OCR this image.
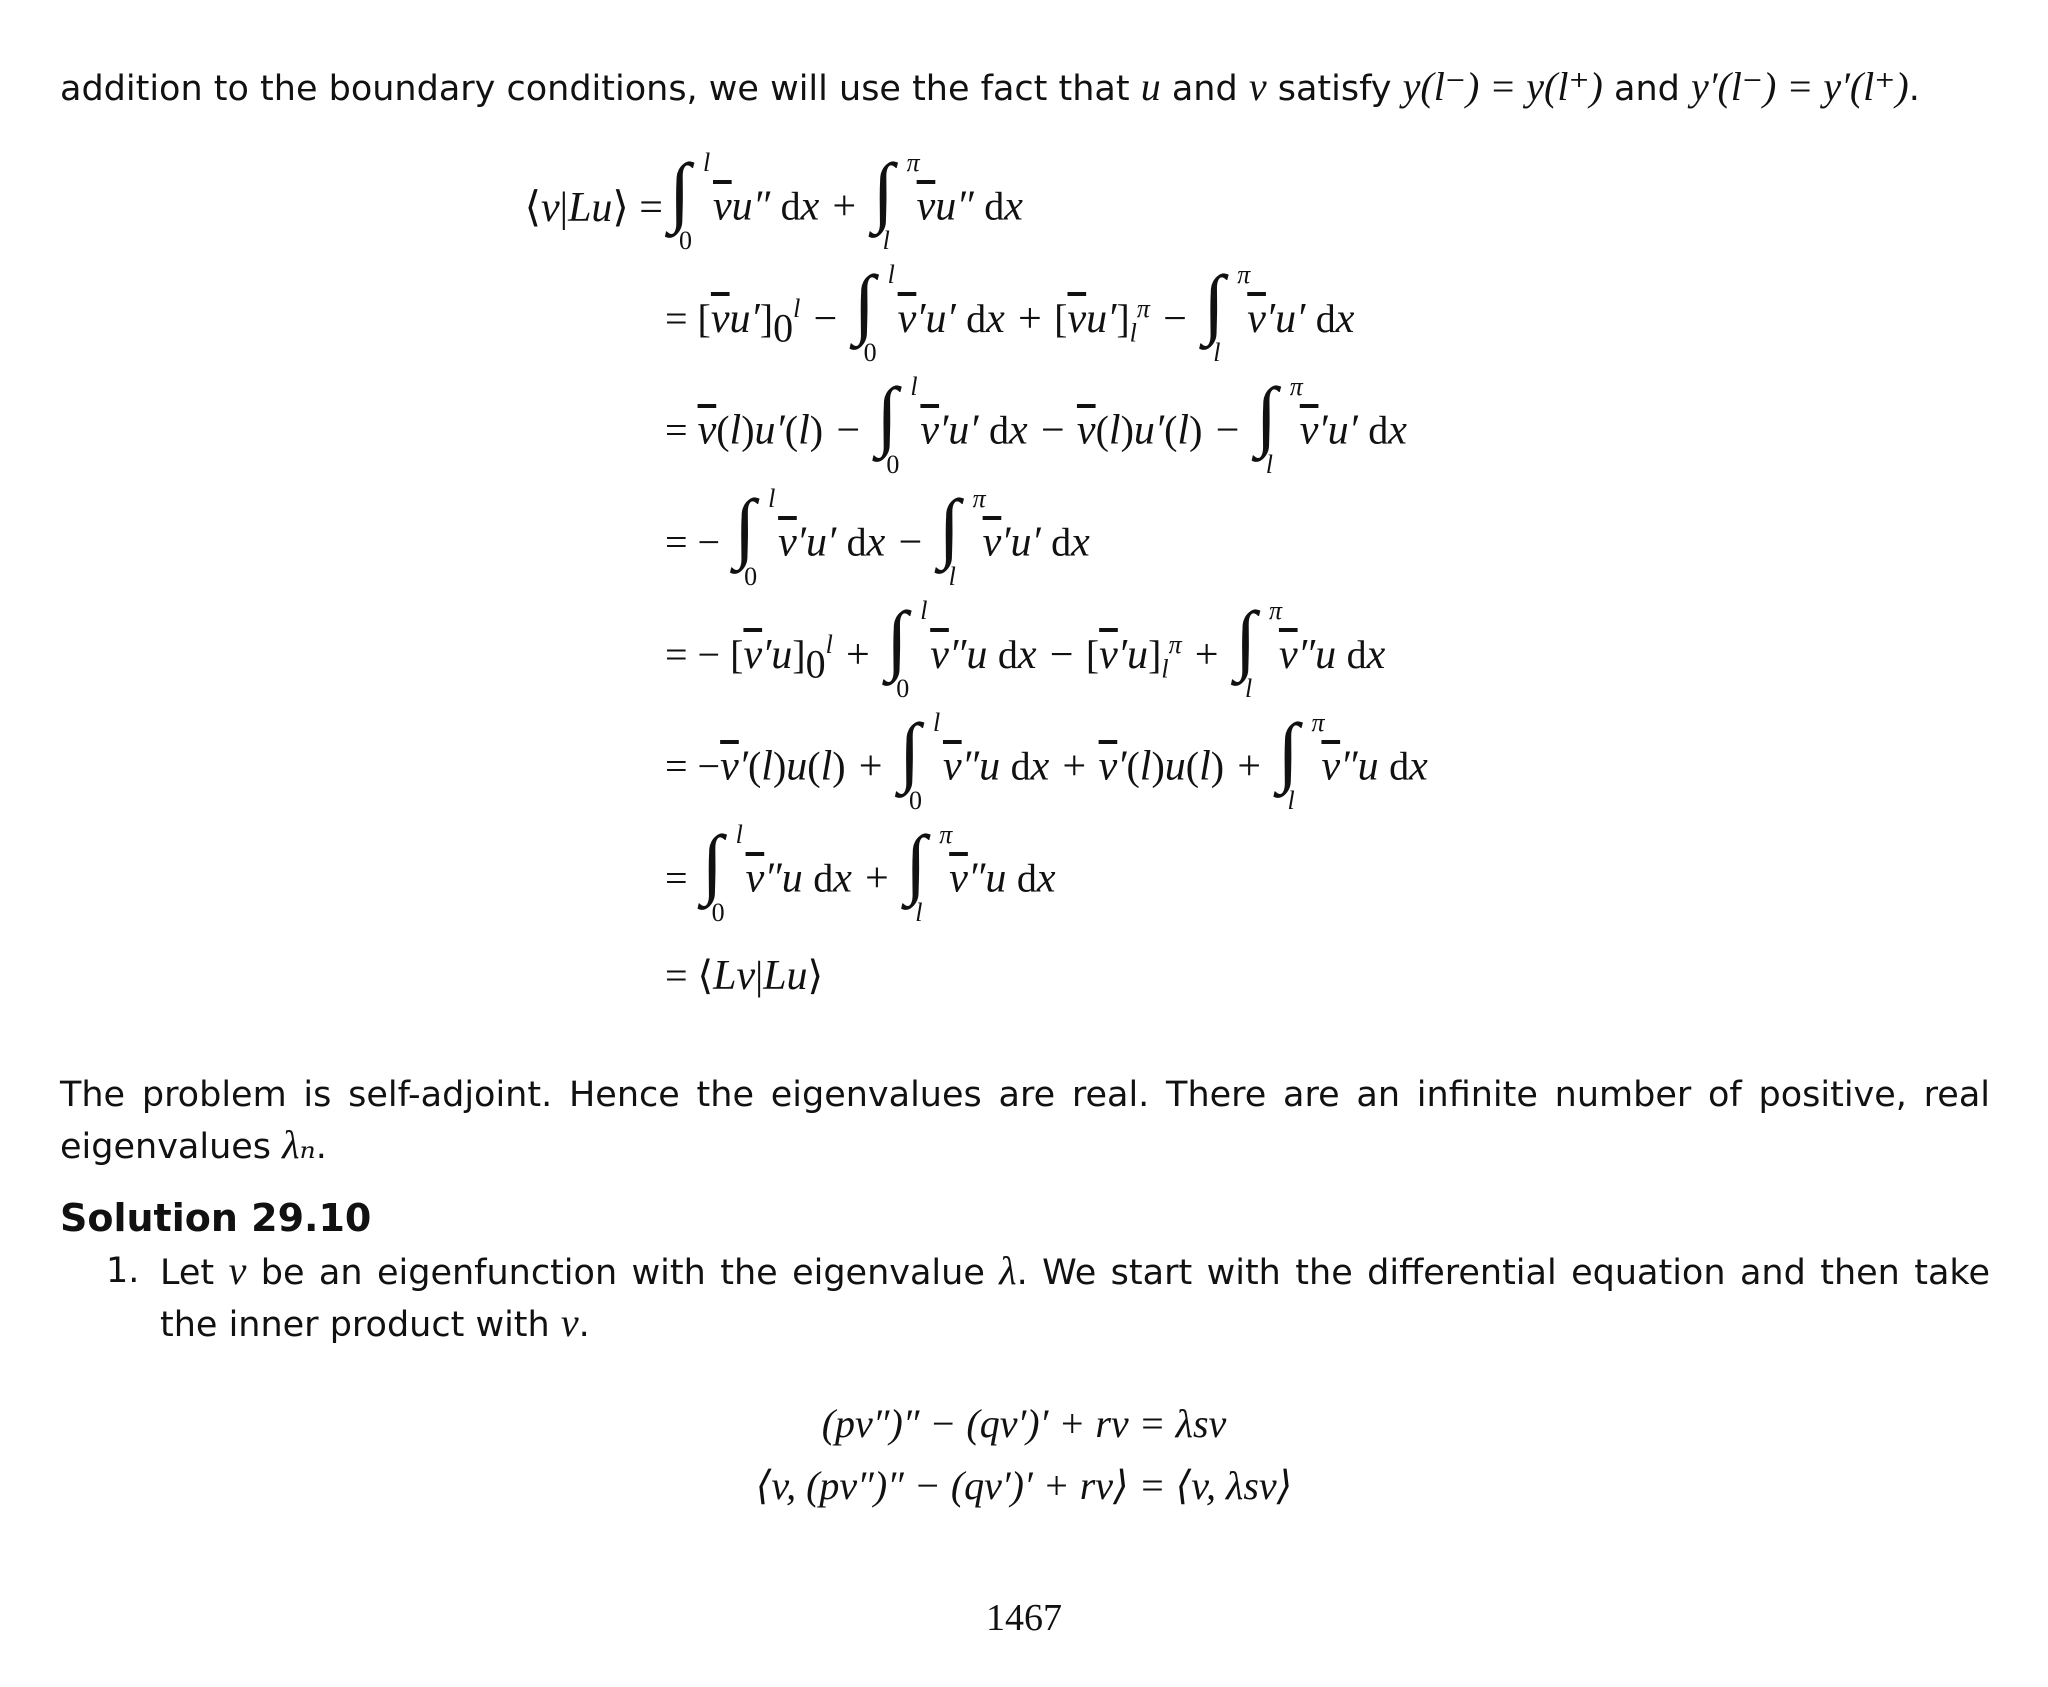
addition to the boundary conditions, we will use the fact that u and v satisfy y(l⁻) = y(l⁺) and y′(l⁻) = y′(l⁺).
⟨v|Lu⟩ = ∫ l
0
$\overline{v}u''$ dx + ∫ π
l
$\overline{v}u''$ dx
= $[\overline{v}u']_0^l$ − ∫ l
0
$\overline{v}'u'$ dx + $[\overline{v}u']_l^\pi$ − ∫ π
l
$\overline{v}'u'$ dx
= $\overline{v}(l)u'(l)$ − ∫ l
0
$\overline{v}'u'$ dx − $\overline{v}(l)u'(l)$ − ∫ π
l
$\overline{v}'u'$ dx
= − ∫ l
0
$\overline{v}'u'$ dx − ∫ π
l
$\overline{v}'u'$ dx
= − $[\overline{v}'u]_0^l$ + ∫ l
0
$\overline{v}''u$ dx − $[\overline{v}'u]_l^\pi$ + ∫ π
l
$\overline{v}''u$ dx
= $-\overline{v}'(l)u(l)$ + ∫ l
0
$\overline{v}''u$ dx + $\overline{v}'(l)u(l)$ + ∫ π
l
$\overline{v}''u$ dx
= ∫ l
0
$\overline{v}''u$ dx + ∫ π
l
$\overline{v}''u$ dx
= ⟨Lv|Lu⟩
The problem is self-adjoint. Hence the eigenvalues are real. There are an infinite number of positive, real eigenvalues λₙ.
Solution 29.10
1. Let v be an eigenfunction with the eigenvalue λ. We start with the differential equation and then take the inner product with v.
(pv″)″ − (qv′)′ + rv = λsv
⟨v, (pv″)″ − (qv′)′ + rv⟩ = ⟨v, λsv⟩
1467
